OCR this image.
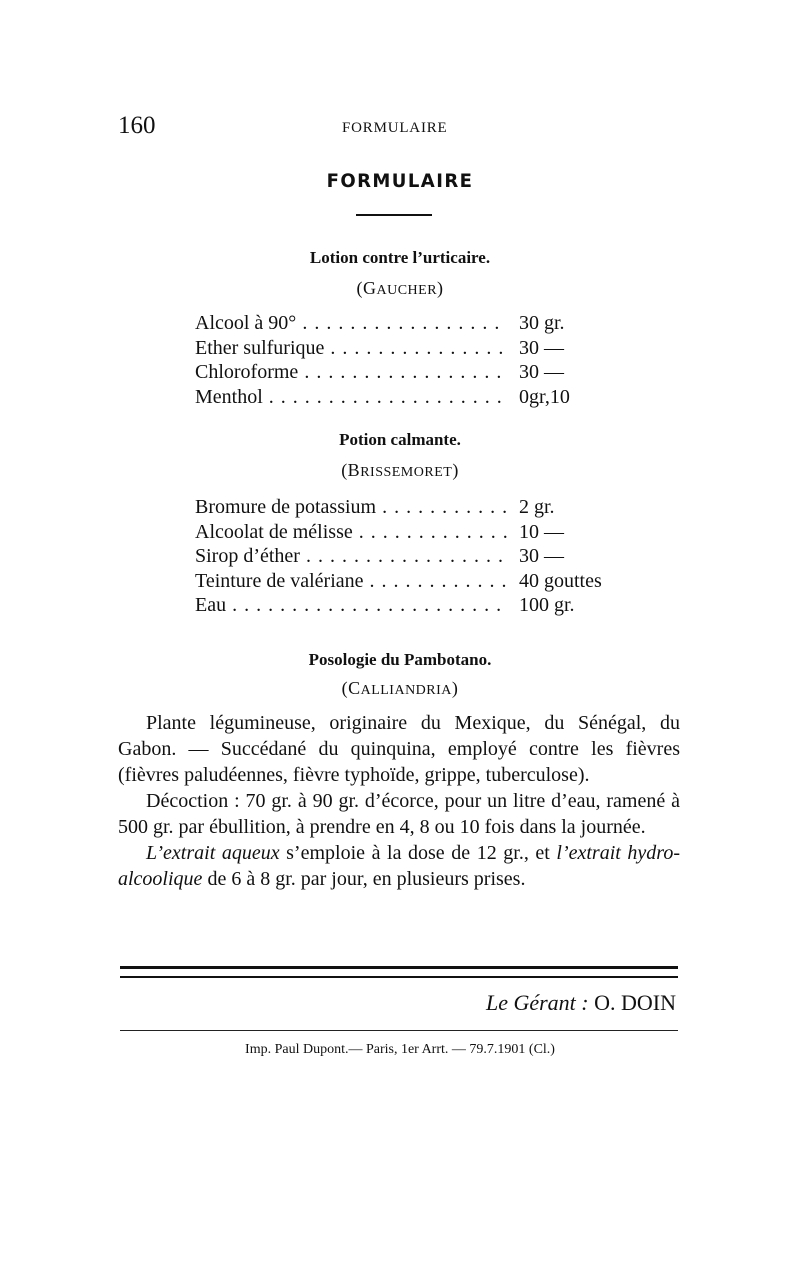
160	FORMULAIRE
FORMULAIRE
Lotion contre l’urticaire.
(GAUCHER)
Alcool à 90° . . .	30 gr.
Ether sulfurique . . .	30 —
Chloroforme . . .	30 —
Menthol . . .	0gr,10
Potion calmante.
(BRISSEMORET)
Bromure de potassium . . .	2 gr.
Alcoolat de mélisse . . .	10 —
Sirop d’éther . . .	30 —
Teinture de valériane . . .	40 gouttes
Eau . . .	100 gr.
Posologie du Pambotano.
(CALLIANDRIA)

Plante légumineuse, originaire du Mexique, du Sénégal, du Gabon. — Succédané du quinquina, employé contre les fièvres (fièvres paludéennes, fièvre typhoïde, grippe, tuberculose).

Décoction : 70 gr. à 90 gr. d’écorce, pour un litre d’eau, ramené à 500 gr. par ébullition, à prendre en 4, 8 ou 10 fois dans la journée.

L’extrait aqueux s’emploie à la dose de 12 gr., et l’extrait hydro-alcoolique de 6 à 8 gr. par jour, en plusieurs prises.

Le Gérant : O. DOIN
Imp. Paul Dupont.— Paris, 1er Arrt. — 79.7.1901 (Cl.)
